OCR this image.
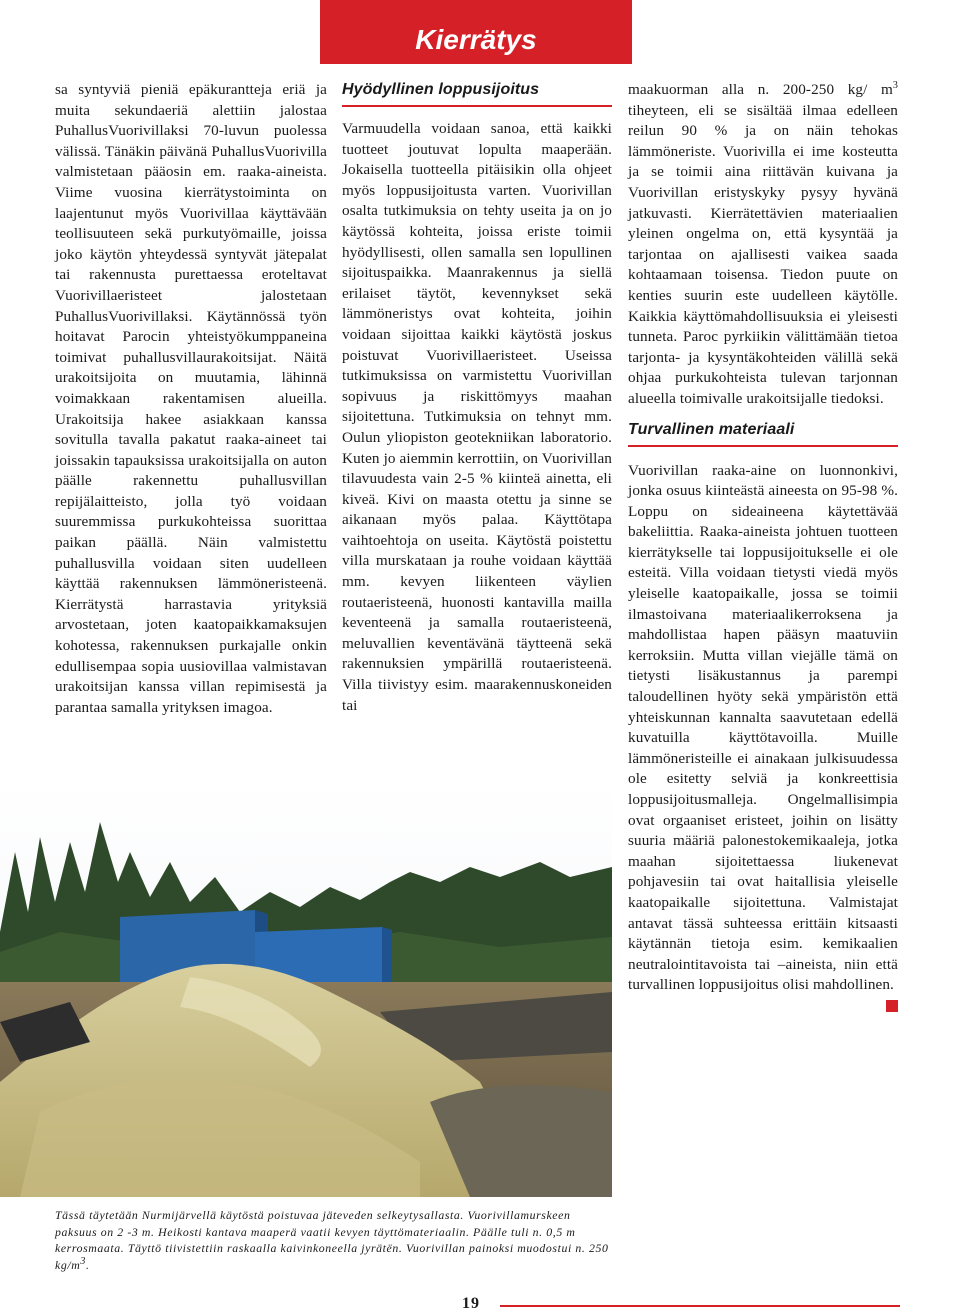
Kierrätys

sa syntyviä pieniä epäkurantteja eriä ja muita sekundaeriä alettiin jalostaa PuhallusVuorivillaksi 70-luvun puolessa välissä. Tänäkin päivänä PuhallusVuorivilla valmistetaan pääosin em. raaka-aineista. Viime vuosina kierrätystoiminta on laajentunut myös Vuorivillaa käyttävään teollisuuteen sekä purkutyömaille, joissa joko käytön yhteydessä syntyvät jätepalat tai rakennusta purettaessa eroteltavat Vuorivillaeristeet jalostetaan PuhallusVuorivillaksi. Käytännössä työn hoitavat Parocin yhteistyökumppaneina toimivat puhallusvillaurakoitsijat. Näitä urakoitsijoita on muutamia, lähinnä voimakkaan rakentamisen alueilla. Urakoitsija hakee asiakkaan kanssa sovitulla tavalla pakatut raaka-aineet tai joissakin tapauksissa urakoitsijalla on auton päälle rakennettu puhallusvillan repijälaitteisto, jolla työ voidaan suuremmissa purkukohteissa suorittaa paikan päällä. Näin valmistettu puhallusvilla voidaan siten uudelleen käyttää rakennuksen lämmöneristeenä. Kierrätystä harrastavia yrityksiä arvostetaan, joten kaatopaikkamaksujen kohotessa, rakennuksen purkajalle onkin edullisempaa sopia uusiovillaa valmistavan urakoitsijan kanssa villan repimisestä ja parantaa samalla yrityksen imagoa.

Hyödyllinen loppusijoitus

Varmuudella voidaan sanoa, että kaikki tuotteet joutuvat lopulta maaperään. Jokaisella tuotteella pitäisikin olla ohjeet myös loppusijoitusta varten. Vuorivillan osalta tutkimuksia on tehty useita ja on jo käytössä kohteita, joissa eriste toimii hyödyllisesti, ollen samalla sen lopullinen sijoituspaikka. Maanrakennus ja siellä erilaiset täytöt, kevennykset sekä lämmöneristys ovat kohteita, joihin voidaan sijoittaa kaikki käytöstä joskus poistuvat Vuorivillaeristeet. Useissa tutkimuksissa on varmistettu Vuorivillan sopivuus ja riskittömyys maahan sijoitettuna. Tutkimuksia on tehnyt mm. Oulun yliopiston geotekniikan laboratorio. Kuten jo aiemmin kerrottiin, on Vuorivillan tilavuudesta vain 2-5 % kiinteä ainetta, eli kiveä. Kivi on maasta otettu ja sinne se aikanaan myös palaa. Käyttötapa vaihtoehtoja on useita. Käytöstä poistettu villa murskataan ja rouhe voidaan käyttää mm. kevyen liikenteen väylien routaeristeenä, huonosti kantavilla mailla keventeenä ja samalla routaeristeenä, meluvallien keventävänä täytteenä sekä rakennuksien ympärillä routaeristeenä. Villa tiivistyy esim. maarakennuskoneiden tai

maakuorman alla n. 200-250 kg/ $m^3$ tiheyteen, eli se sisältää ilmaa edelleen reilun 90 % ja on näin tehokas lämmöneriste. Vuorivilla ei ime kosteutta ja se toimii aina riittävän kuivana ja Vuorivillan eristyskyky pysyy hyvänä jatkuvasti. Kierrätettävien materiaalien yleinen ongelma on, että kysyntää ja tarjontaa on ajallisesti vaikea saada kohtaamaan toisensa. Tiedon puute on kenties suurin este uudelleen käytölle. Kaikkia käyttömahdollisuuksia ei yleisesti tunneta. Paroc pyrkiikin välittämään tietoa tarjonta- ja kysyntäkohteiden välillä sekä ohjaa purkukohteista tulevan tarjonnan alueella toimivalle urakoitsijalle tiedoksi.

Turvallinen materiaali

Vuorivillan raaka-aine on luonnonkivi, jonka osuus kiinteästä aineesta on 95-98 %. Loppu on sideaineena käytettävää bakeliittia. Raaka-aineista johtuen tuotteen kierrätykselle tai loppusijoitukselle ei ole esteitä. Villa voidaan tietysti viedä myös yleiselle kaatopaikalle, jossa se toimii ilmastoivana materiaalikerroksena ja mahdollistaa hapen pääsyn maatuviin kerroksiin. Mutta villan viejälle tämä on tietysti lisäkustannus ja parempi taloudellinen hyöty sekä ympäristön että yhteiskunnan kannalta saavutetaan edellä kuvatuilla käyttötavoilla. Muille lämmöneristeille ei ainakaan julkisuudessa ole esitetty selviä ja konkreettisia loppusijoitusmalleja. Ongelmallisimpia ovat orgaaniset eristeet, joihin on lisätty suuria määriä palonestokemikaaleja, jotka maahan sijoitettaessa liukenevat pohjavesiin tai ovat haitallisia yleiselle kaatopaikalle sijoitettuna. Valmistajat antavat tässä suhteessa erittäin kitsaasti käytännän tietoja esim. kemikaalien neutralointitavoista tai –aineista, niin että turvallinen loppusijoitus olisi mahdollinen.

Tässä täytetään Nurmijärvellä käytöstä poistuvaa jäteveden selkeytysallasta. Vuorivillamurskeen paksuus on 2 -3 m. Heikosti kantava maaperä vaatii kevyen täyttömateriaalin. Päälle tuli n. 0,5 m kerrosmaata. Täyttö tiivistettiin raskaalla kaivinkoneella jyrätën. Vuorivillan painoksi muodostui n. 250 $kg/m^3$.
19
